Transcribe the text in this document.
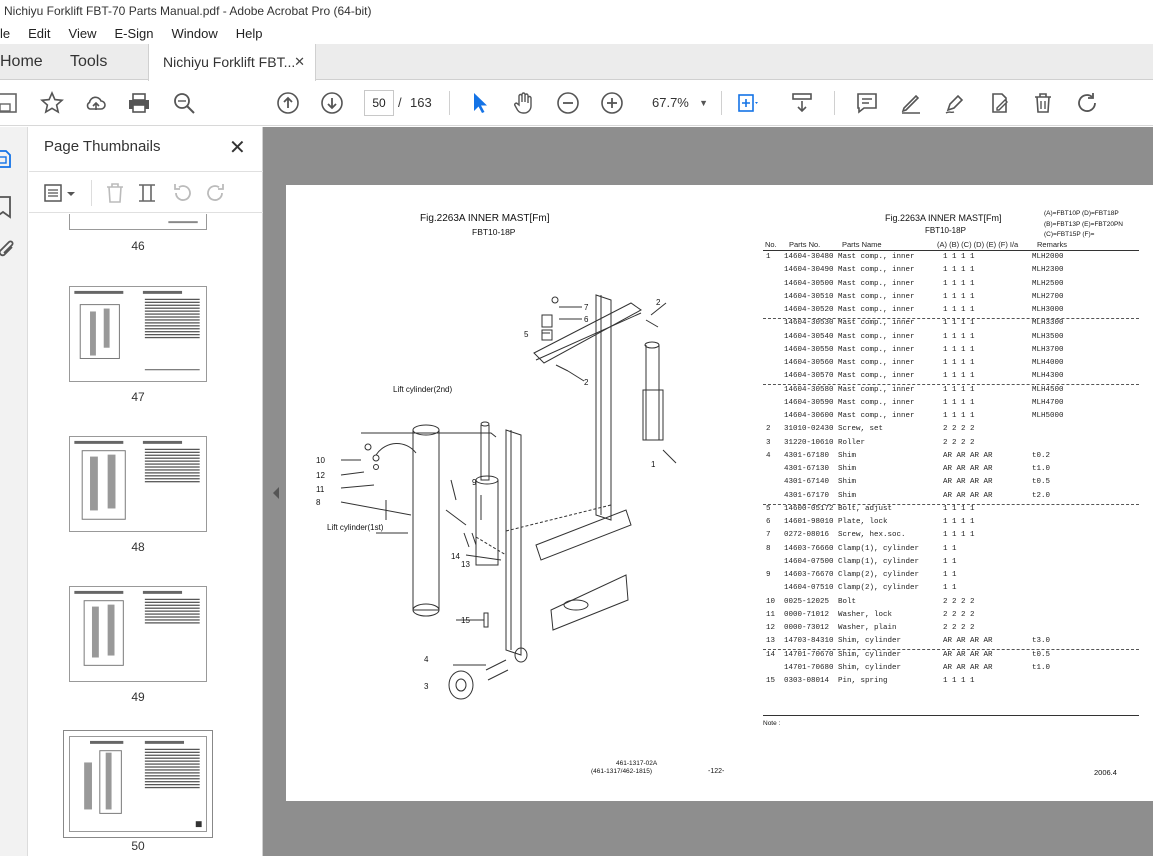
Nichiyu Forklift FBT-70 Parts Manual.pdf - Adobe Acrobat Pro (64-bit)
le Edit View E-Sign Window Help
Home	Tools	Nichiyu Forklift FBT...
✕
50 / 163	67.7% ▼
Page Thumbnails	✕
46
47
48
49
50
Fig.2263A INNER MAST[Fm]
FBT10-18P
Fig.2263A INNER MAST[Fm]
FBT10-18P
(A)=FBT10P (D)=FBT18P
(B)=FBT13P (E)=FBT20PN
(C)=FBT15P (F)=
7
6
5
2
2
1
10
12
11
8
9
14
13
15
4
3
Lift cylinder(2nd)
Lift cylinder(1st)
No. Parts No.	Parts Name	(A) (B) (C) (D) (E) (F) I/a	Remarks
1 14604-30480 Mast comp., inner	1 1 1 1	MLH2000
14604-30490 Mast comp., inner	1 1 1 1	MLH2300
14604-30500 Mast comp., inner	1 1 1 1	MLH2500
14604-30510 Mast comp., inner	1 1 1 1	MLH2700
14604-30520 Mast comp., inner	1 1 1 1	MLH3000
14604-30530 Mast comp., inner	1 1 1 1	MLH3300
14604-30540 Mast comp., inner	1 1 1 1	MLH3500
14604-30550 Mast comp., inner	1 1 1 1	MLH3700
14604-30560 Mast comp., inner	1 1 1 1	MLH4000
14604-30570 Mast comp., inner	1 1 1 1	MLH4300
14604-30580 Mast comp., inner	1 1 1 1	MLH4500
14604-30590 Mast comp., inner	1 1 1 1	MLH4700
14604-30600 Mast comp., inner	1 1 1 1	MLH5000
2 31010-02430 Screw, set	2 2 2 2
3 31220-10610 Roller	2 2 2 2
4 4301-67180 Shim	AR AR AR AR	t0.2
4301-67130 Shim	AR AR AR AR	t1.0
4301-67140 Shim	AR AR AR AR	t0.5
4301-67170 Shim	AR AR AR AR	t2.0
5 14600-05172 Bolt, adjust	1 1 1 1
6 14601-98010 Plate, lock	1 1 1 1
7 0272-08016 Screw, hex.soc.	1 1 1 1
8 14603-76660 Clamp(1), cylinder	1 1
14604-07500 Clamp(1), cylinder	1 1
9 14603-76670 Clamp(2), cylinder	1 1
14604-07510 Clamp(2), cylinder	1 1
10 0025-12025 Bolt	2 2 2 2
11 0000-71012 Washer, lock	2 2 2 2
12 0000-73012 Washer, plain	2 2 2 2
13 14703-84310 Shim, cylinder	AR AR AR AR	t3.0
14 14701-70670 Shim, cylinder	AR AR AR AR	t0.5
14701-70680 Shim, cylinder	AR AR AR AR	t1.0
15 0303-08014 Pin, spring	1 1 1 1
Note :
461-1317-02A
(461-1317/462-1815)	-122-	2006.4
